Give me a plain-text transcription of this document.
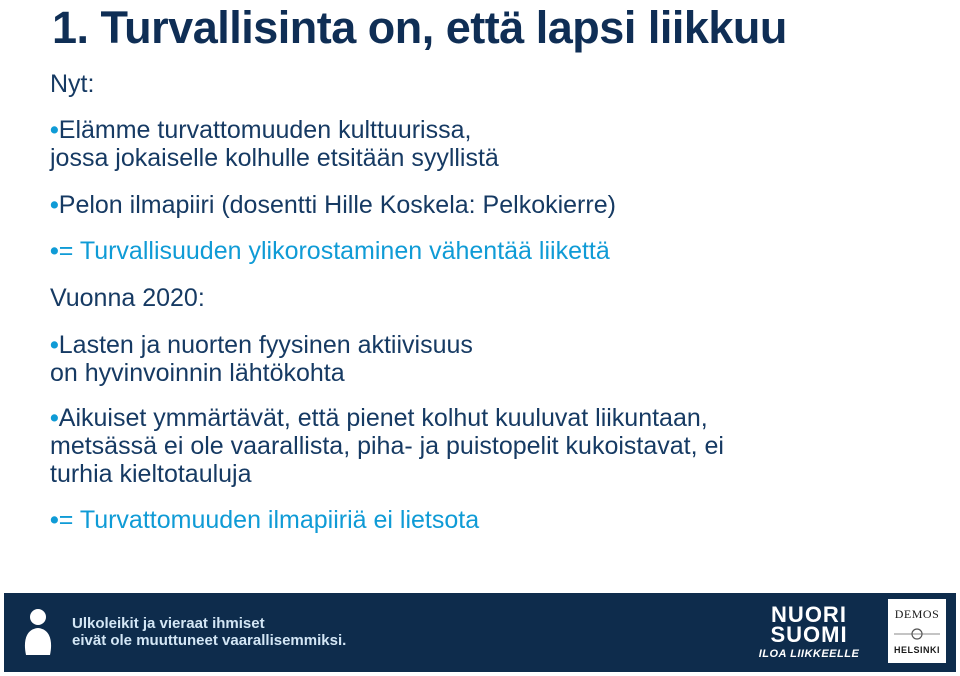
1. Turvallisinta on, että lapsi liikkuu
Nyt:
•Elämme turvattomuuden kulttuurissa,
jossa jokaiselle kolhulle etsitään syyllistä
•Pelon ilmapiiri (dosentti Hille Koskela: Pelkokierre)
•= Turvallisuuden ylikorostaminen vähentää liikettä
Vuonna 2020:
•Lasten ja nuorten fyysinen aktiivisuus
on hyvinvoinnin lähtökohta
•Aikuiset ymmärtävät, että pienet kolhut kuuluvat liikuntaan,
metsässä ei ole vaarallista, piha- ja puistopelit kukoistavat, ei
turhia kieltotauluja
•= Turvattomuuden ilmapiiriä ei lietsota
Ulkoleikit ja vieraat ihmiset
eivät ole muuttuneet vaarallisemmiksi.
NUORI
SUOMI
ILOA LIIKKEELLE
DEMOS
HELSINKI
